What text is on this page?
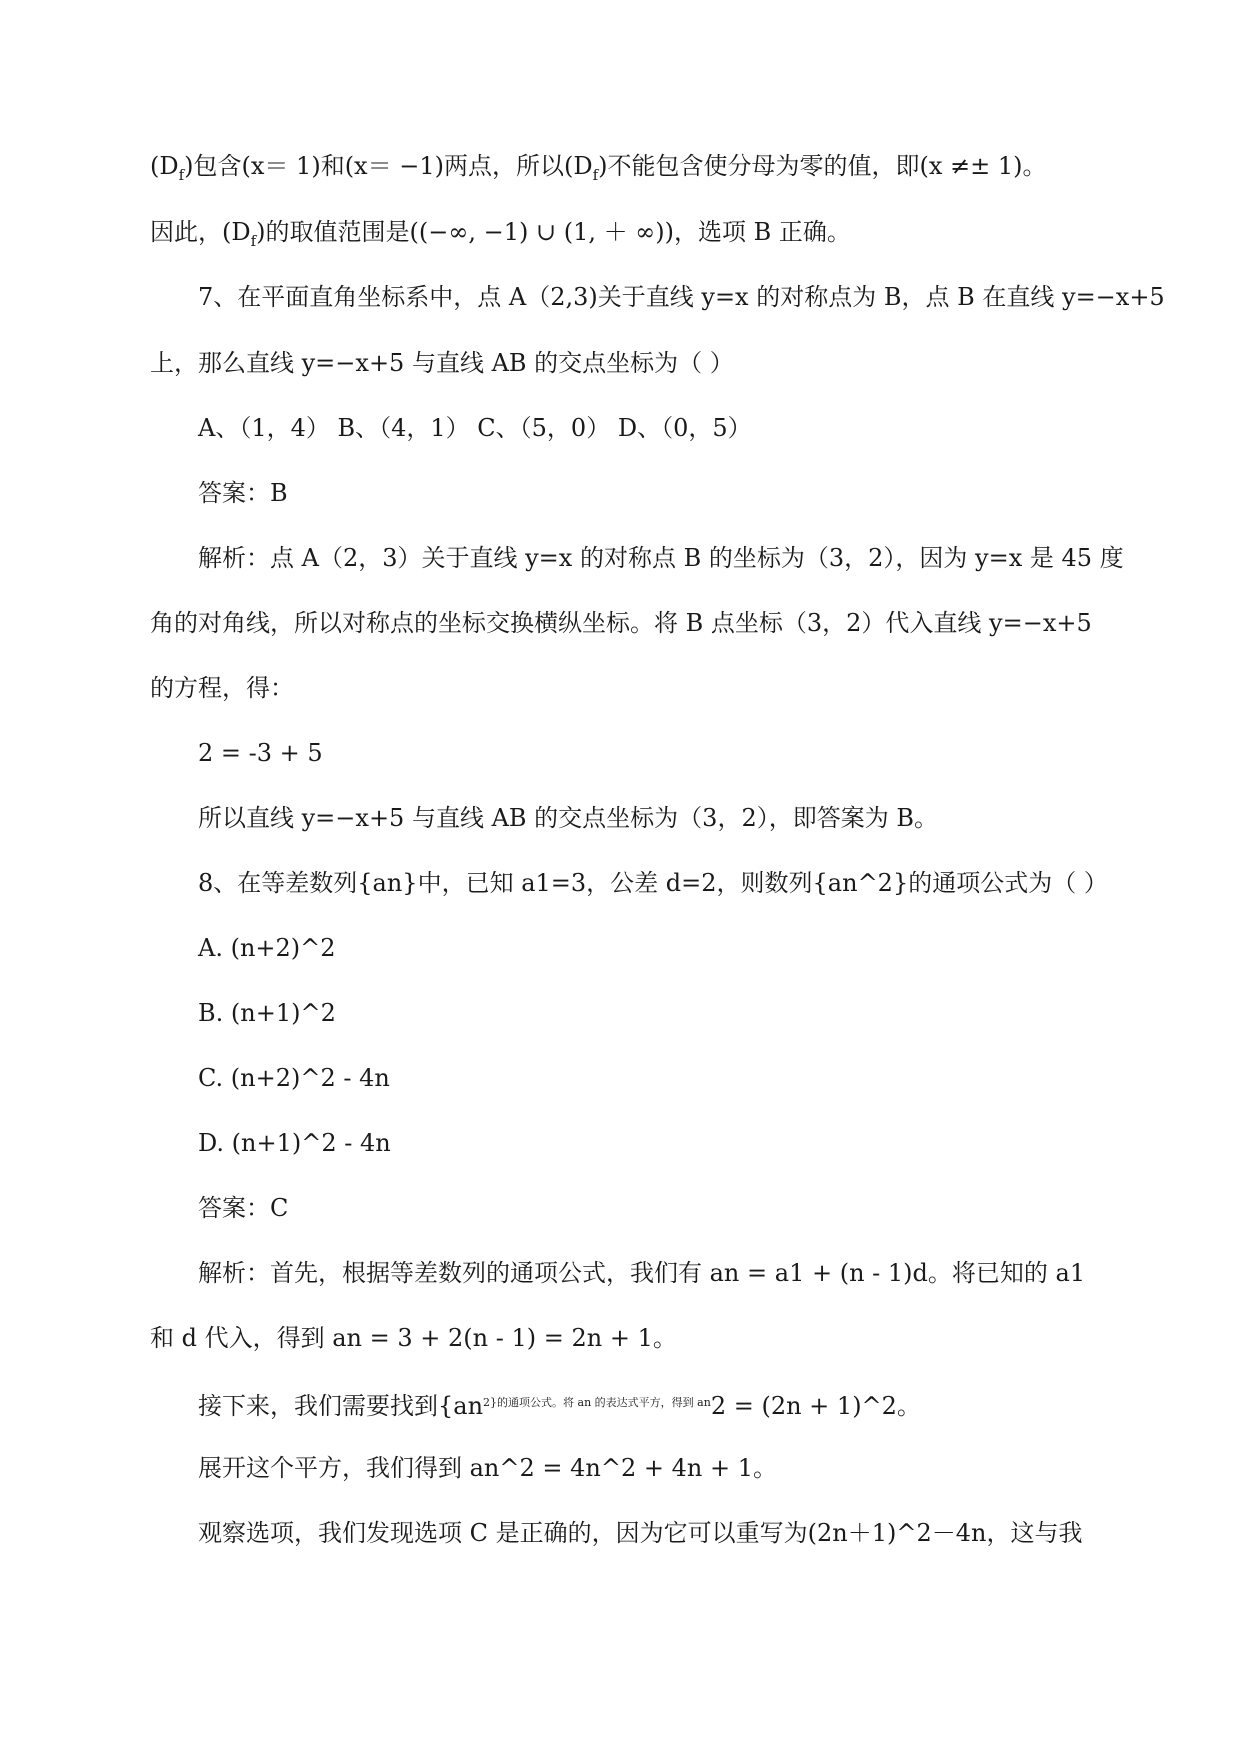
$(D_f)$包含(x＝ 1)和(x＝ −1)两点，所以$(D_f)$不能包含使分母为零的值，即(x ≠± 1)。
因此，$(D_f)$的取值范围是((−∞, −1) ∪ (1, ＋ ∞))，选项 B 正确。
7、在平面直角坐标系中，点 A（2,3)关于直线 y=x 的对称点为 B，点 B 在直线 y=−x+5
上，那么直线 y=−x+5 与直线 AB 的交点坐标为（ ）
A、（1，4） B、（4，1） C、（5，0） D、（0，5）
答案：B
解析：点 A（2，3）关于直线 y=x 的对称点 B 的坐标为（3，2），因为 y=x 是 45 度
角的对角线，所以对称点的坐标交换横纵坐标。将 B 点坐标（3，2）代入直线 y=−x+5
的方程，得：
2 = -3 + 5
所以直线 y=−x+5 与直线 AB 的交点坐标为（3，2），即答案为 B。
8、在等差数列{an}中，已知 a1=3，公差 d=2，则数列{an^2}的通项公式为（ ）
A. (n+2)^2
B. (n+1)^2
C. (n+2)^2 - 4n
D. (n+1)^2 - 4n
答案：C
解析：首先，根据等差数列的通项公式，我们有 an = a1 + (n - 1)d。将已知的 a1
和 d 代入，得到 an = 3 + 2(n - 1) = 2n + 1。
接下来，我们需要找到{$an^{2\}的通项公式。将 an 的表达式平方,得到 an}2 = (2n$ + 1)^2。
展开这个平方，我们得到 an^2 = 4n^2 + 4n + 1。
观察选项，我们发现选项 C 是正确的，因为它可以重写为(2n＋1)^2－4n，这与我
